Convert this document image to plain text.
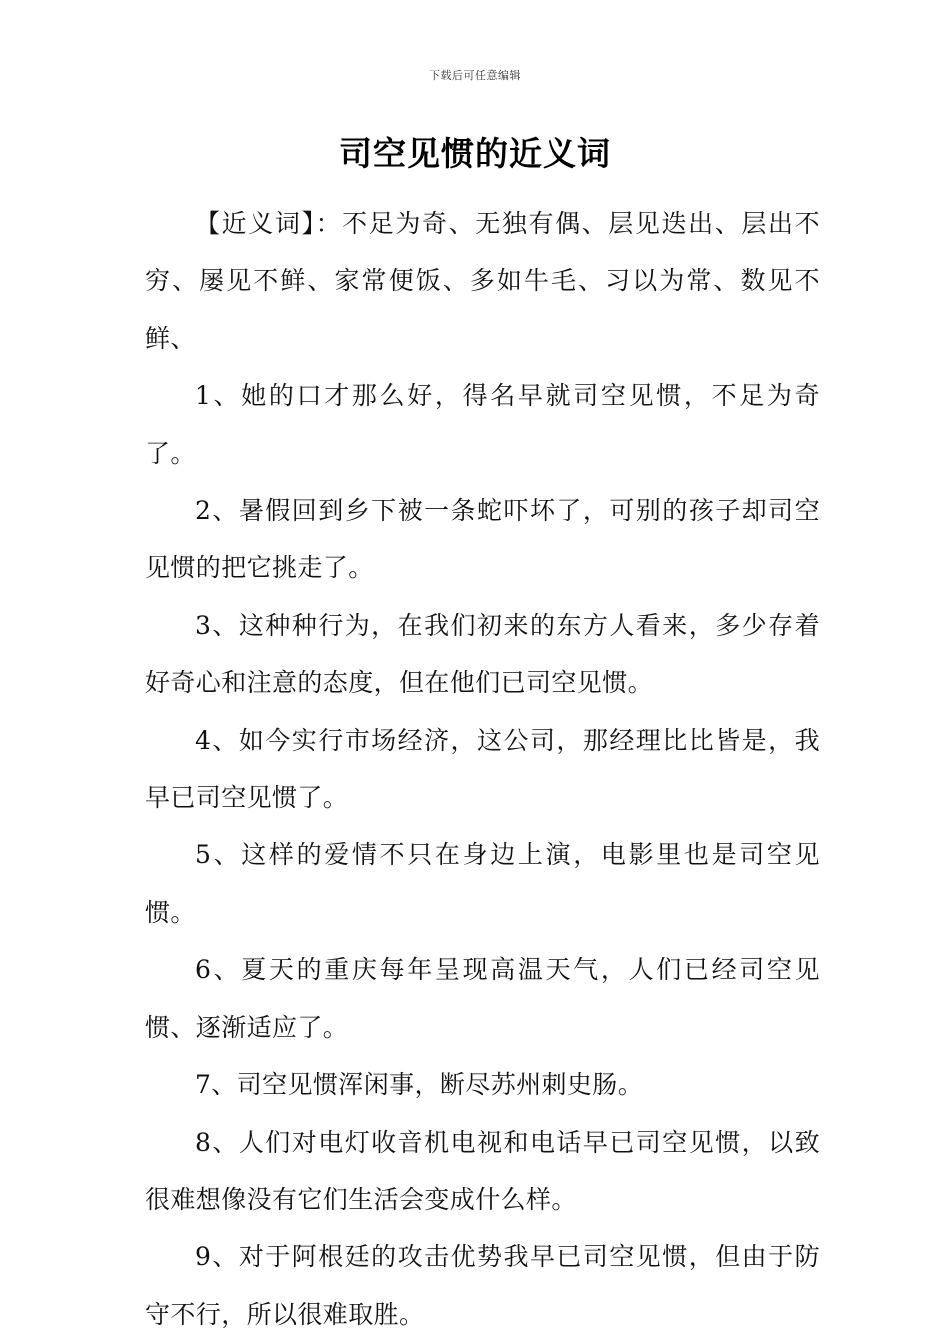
下载后可任意编辑
司空见惯的近义词

【近义词】：不足为奇、无独有偶、层见迭出、层出不穷、屡见不鲜、家常便饭、多如牛毛、习以为常、数见不鲜、

1、她的口才那么好，得名早就司空见惯，不足为奇了。

2、暑假回到乡下被一条蛇吓坏了，可别的孩子却司空见惯的把它挑走了。

3、这种种行为，在我们初来的东方人看来，多少存着好奇心和注意的态度，但在他们已司空见惯。

4、如今实行市场经济，这公司，那经理比比皆是，我早已司空见惯了。

5、这样的爱情不只在身边上演，电影里也是司空见惯。

6、夏天的重庆每年呈现高温天气，人们已经司空见惯、逐渐适应了。

7、司空见惯浑闲事，断尽苏州刺史肠。

8、人们对电灯收音机电视和电话早已司空见惯，以致很难想像没有它们生活会变成什么样。

9、对于阿根廷的攻击优势我早已司空见惯，但由于防守不行，所以很难取胜。
